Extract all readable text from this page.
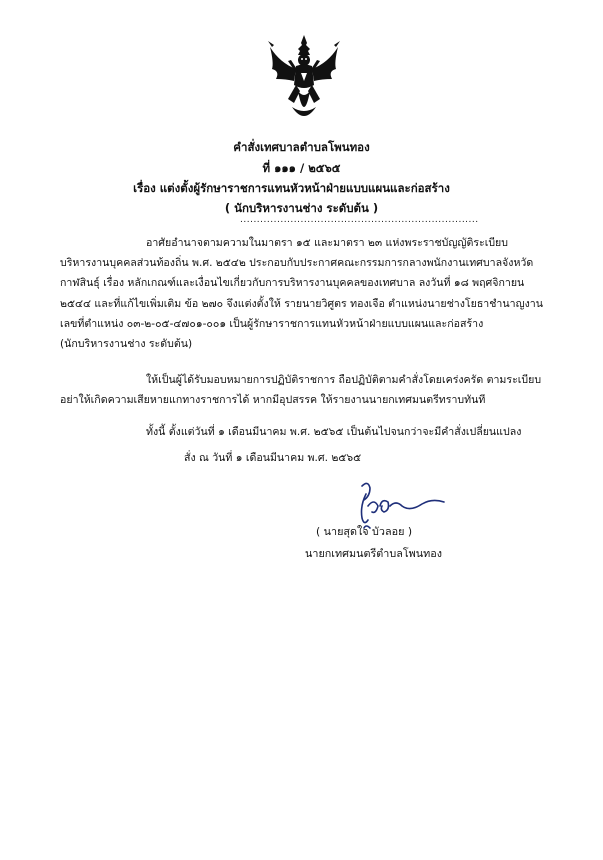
คำสั่งเทศบาลตำบลโพนทอง
ที่ ๑๑๑ / ๒๕๖๕
เรื่อง แต่งตั้งผู้รักษาราชการแทนหัวหน้าฝ่ายแบบแผนและก่อสร้าง
( นักบริหารงานช่าง ระดับต้น )
.......................................................................
อาศัยอำนาจตามความในมาตรา ๑๕ และมาตรา ๒๓ แห่งพระราชบัญญัติระเบียบ
บริหารงานบุคคลส่วนท้องถิ่น พ.ศ. ๒๕๔๒ ประกอบกับประกาศคณะกรรมการกลางพนักงานเทศบาลจังหวัด
กาฬสินธุ์ เรื่อง หลักเกณฑ์และเงื่อนไขเกี่ยวกับการบริหารงานบุคคลของเทศบาล ลงวันที่ ๑๘ พฤศจิกายน
๒๕๔๔ และที่แก้ไขเพิ่มเติม ข้อ ๒๗๐ จึงแต่งตั้งให้ รายนายวิศูตร ทองเจือ ตำแหน่งนายช่างโยธาชำนาญงาน
เลขที่ตำแหน่ง ๐๓-๒-๐๕-๔๗๐๑-๐๐๑ เป็นผู้รักษาราชการแทนหัวหน้าฝ่ายแบบแผนและก่อสร้าง
(นักบริหารงานช่าง ระดับต้น)
ให้เป็นผู้ได้รับมอบหมายการปฏิบัติราชการ ถือปฏิบัติตามคำสั่งโดยเคร่งครัด ตามระเบียบ
อย่าให้เกิดความเสียหายแกทางราชการได้ หากมีอุปสรรค ให้รายงานนายกเทศมนตรีทราบทันที
ทั้งนี้ ตั้งแต่วันที่ ๑ เดือนมีนาคม พ.ศ. ๒๕๖๕ เป็นต้นไปจนกว่าจะมีคำสั่งเปลี่ยนแปลง
สั่ง ณ วันที่ ๑ เดือนมีนาคม พ.ศ. ๒๕๖๕
( นายสุดใจ บัวลอย )
นายกเทศมนตรีตำบลโพนทอง
